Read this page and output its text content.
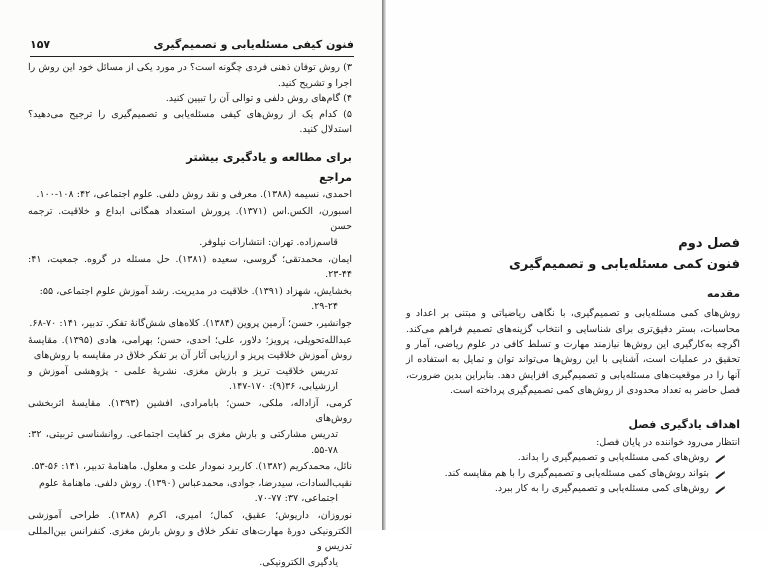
فنون کیفی مسئله‌یابی و تصمیم‌گیری
۱۵۷

۳) روش توفان ذهنی فردی چگونه است؟ در مورد یکی از مسائل خود این روش را اجرا و تشریح کنید.

۴) گام‌های روش دلفی و توالی آن را تبیین کنید.

۵) کدام یک از روش‌های کیفی مسئله‌یابی و تصمیم‌گیری را ترجیح می‌دهید؟ استدلال کنید.

برای مطالعه و یادگیری بیشتر
مراجع

احمدی، نسیمه (۱۳۸۸). معرفی و نقد روش دلفی. علوم اجتماعی، ۴۲: ۱۰۸-۱۰۰.

اسبورن، الکس.اس (۱۳۷۱). پرورش استعداد همگانی ابداع و خلاقیت. ترجمه حسن
قاسم‌زاده. تهران: انتشارات نیلوفر.

ایمان، محمدتقی؛ گروسی، سعیده (۱۳۸۱). حل مسئله در گروه. جمعیت، ۴۱: ۴۴-۲۳.

بخشایش، شهزاد (۱۳۹۱). خلاقیت در مدیریت. رشد آموزش علوم اجتماعی، ۵۵:
۲۹-۲۴.

جوانشیر، حسن؛ آرمین پروین (۱۳۸۴). کلاه‌های شش‌گانۀ تفکر. تدبیر، ۱۴۱: ۷۰-۶۸.

عبدالله‌تحویلی، پرویز؛ دلاور، علی؛ احدی، حسن؛ بهرامی، هادی (۱۳۹۵). مقایسۀ روش آموزش خلاقیت پریز و ارزیابی آثار آن بر تفکر خلاق در مقایسه با روش‌های
تدریس خلاقیت تریز و بارش مغزی. نشریۀ علمی - پژوهشی آموزش و ارزشیابی، ۳۶(۹): ۱۷۰-۱۴۷.

کرمی، آزاداله، ملکی، حسن؛ بابامرادی، افشین (۱۳۹۳). مقایسۀ اثربخشی روش‌های
تدریس مشارکتی و بارش مغزی بر کفایت اجتماعی. روانشناسی تربیتی، ۳۲: ۷۸-۵۵.

نائل، محمدکریم (۱۳۸۲). کاربرد نمودار علت و معلول. ماهنامۀ تدبیر، ۱۴۱: ۵۶-۵۳.

نقیب‌السادات، سیدرضا، جوادی، محمدعباس (۱۳۹۰). روش دلفی. ماهنامۀ علوم
اجتماعی، ۳۷: ۷۷-۷۰.

نوروزان، داریوش؛ عقیق، کمال؛ امیری، اکرم (۱۳۸۸). طراحی آموزشی الکترونیکی دورۀ مهارت‌های تفکر خلاق و روش بارش مغزی. کنفرانس بین‌المللی تدریس و
یادگیری الکترونیکی.

فصل دوم
فنون کمی مسئله‌یابی و تصمیم‌گیری
مقدمه

روش‌های کمی مسئله‌یابی و تصمیم‌گیری، با نگاهی ریاضیاتی و مبتنی بر اعداد و محاسبات، بستر دقیق‌تری برای شناسایی و انتخاب گزینه‌های تصمیم فراهم می‌کند. اگرچه به‌کارگیری این روش‌ها نیازمند مهارت و تسلط کافی در علوم ریاضی، آمار و تحقیق در عملیات است، آشنایی با این روش‌ها می‌تواند توان و تمایل به استفاده از آنها را در موقعیت‌های مسئله‌یابی و تصمیم‌گیری افزایش دهد. بنابراین بدین ضرورت، فصل حاضر به تعداد محدودی از روش‌های کمی تصمیم‌گیری پرداخته است.

اهداف یادگیری فصل

انتظار می‌رود خواننده در پایان فصل:

روش‌های کمی مسئله‌یابی و تصمیم‌گیری را بداند.

بتواند روش‌های کمی مسئله‌یابی و تصمیم‌گیری را با هم مقایسه کند.

روش‌های کمی مسئله‌یابی و تصمیم‌گیری را به کار ببرد.
